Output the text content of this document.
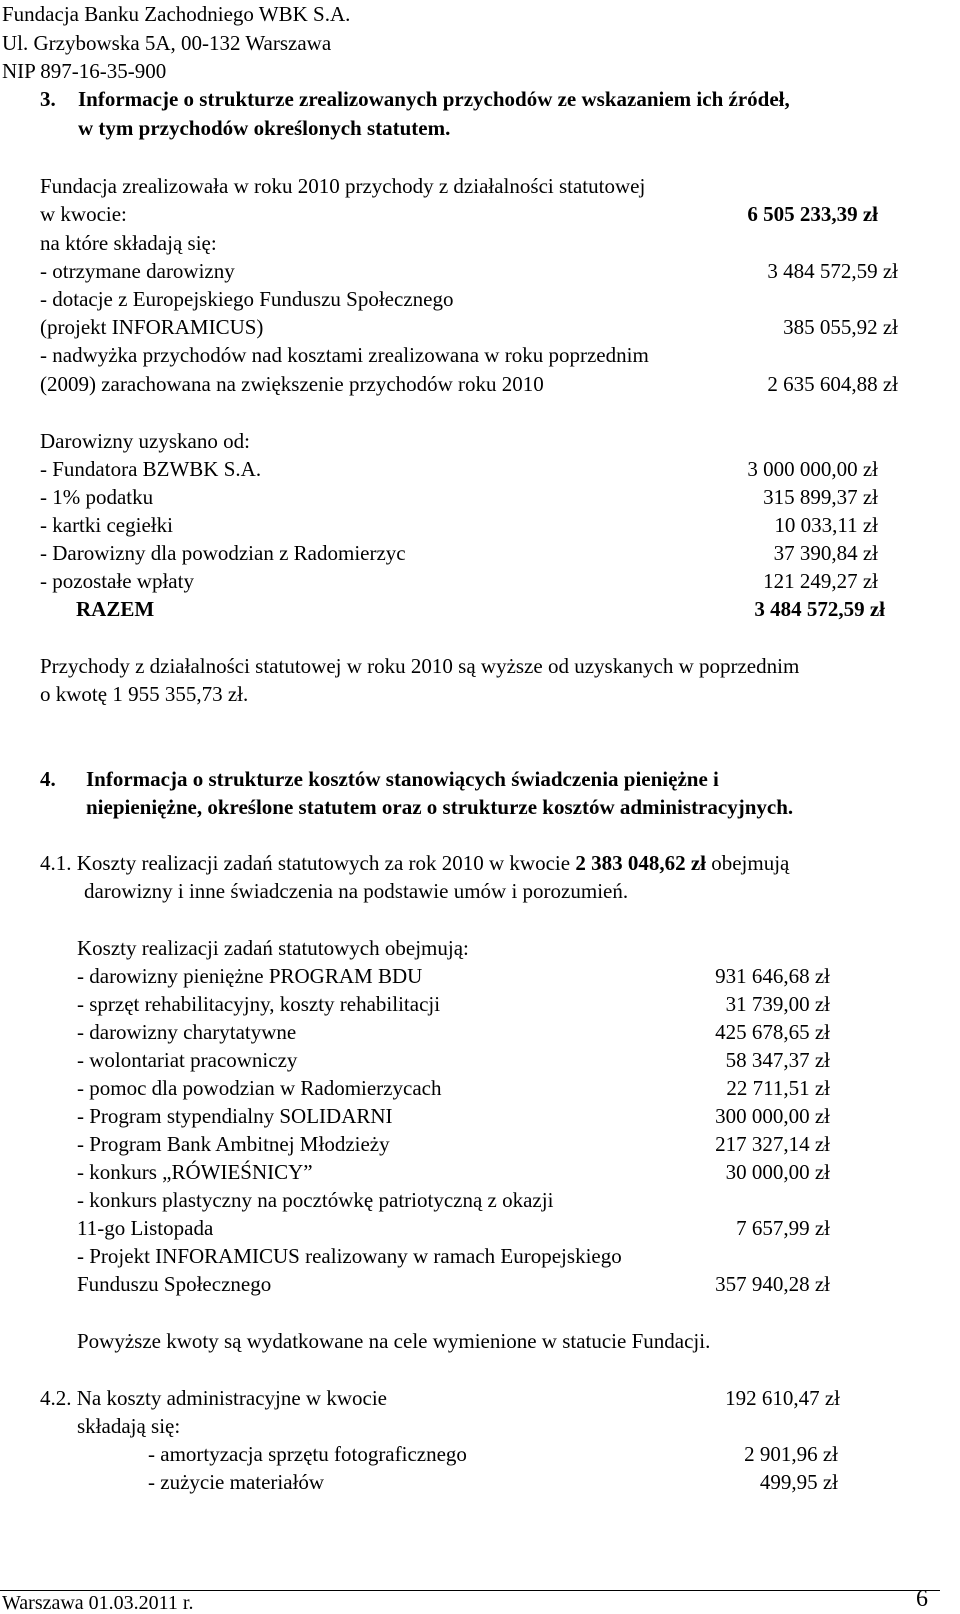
Fundacja Banku Zachodniego WBK S.A.
Ul. Grzybowska 5A, 00-132 Warszawa
NIP 897-16-35-900
3. Informacje o strukturze zrealizowanych przychodów ze wskazaniem ich źródeł,
w tym przychodów określonych statutem.
Fundacja zrealizowała w roku 2010 przychody z działalności statutowej
w kwocie:	6 505 233,39 zł
na które składają się:
- otrzymane darowizny	3 484 572,59 zł
- dotacje z Europejskiego Funduszu Społecznego
(projekt INFORAMICUS)	385 055,92 zł
- nadwyżka przychodów nad kosztami zrealizowana w roku poprzednim
(2009) zarachowana na zwiększenie przychodów roku 2010	2 635 604,88 zł
Darowizny uzyskano od:
- Fundatora BZWBK S.A.	3 000 000,00 zł
- 1% podatku	315 899,37 zł
- kartki cegiełki	10 033,11 zł
- Darowizny dla powodzian z Radomierzyc	37 390,84 zł
- pozostałe wpłaty	121 249,27 zł
RAZEM	3 484 572,59 zł
Przychody z działalności statutowej w roku 2010 są wyższe od uzyskanych w poprzednim
o kwotę 1 955 355,73 zł.
4. Informacja o strukturze kosztów stanowiących świadczenia pieniężne i
niepieniężne, określone statutem oraz o strukturze kosztów administracyjnych.
4.1. Koszty realizacji zadań statutowych za rok 2010 w kwocie 2 383 048,62 zł obejmują
darowizny i inne świadczenia na podstawie umów i porozumień.
Koszty realizacji zadań statutowych obejmują:
- darowizny pieniężne PROGRAM BDU	931 646,68 zł
- sprzęt rehabilitacyjny, koszty rehabilitacji	31 739,00 zł
- darowizny charytatywne	425 678,65 zł
- wolontariat pracowniczy	58 347,37 zł
- pomoc dla powodzian w Radomierzycach	22 711,51 zł
- Program stypendialny SOLIDARNI	300 000,00 zł
- Program Bank Ambitnej Młodzieży	217 327,14 zł
- konkurs „RÓWIEŚNICY”	30 000,00 zł
- konkurs plastyczny na pocztówkę patriotyczną z okazji
11-go Listopada	7 657,99 zł
- Projekt INFORAMICUS realizowany w ramach Europejskiego
Funduszu Społecznego	357 940,28 zł
Powyższe kwoty są wydatkowane na cele wymienione w statucie Fundacji.
4.2. Na koszty administracyjne w kwocie	192 610,47 zł
składają się:
- amortyzacja sprzętu fotograficznego	2 901,96 zł
- zużycie materiałów	499,95 zł
Warszawa 01.03.2011 r.	6
